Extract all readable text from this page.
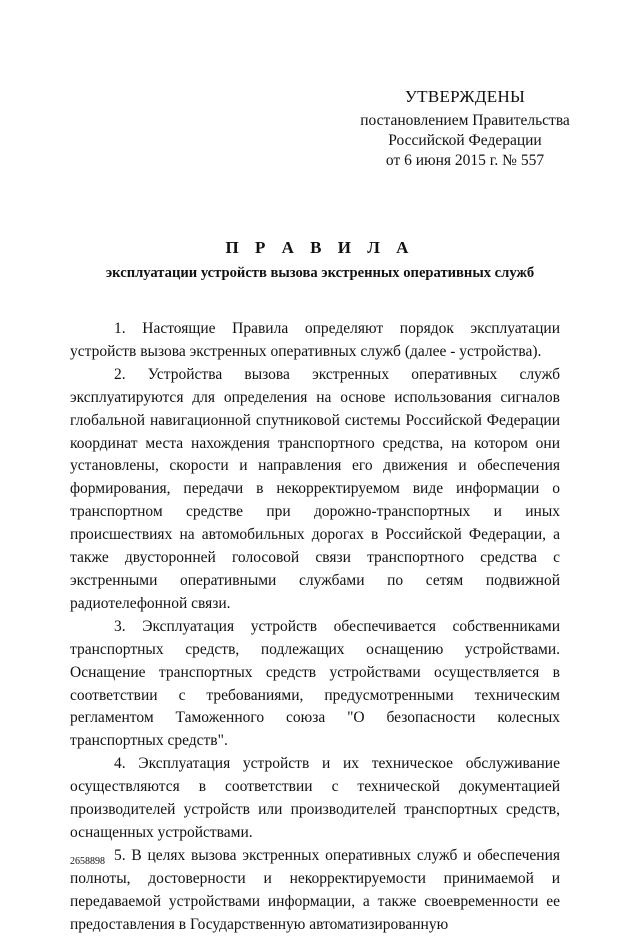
УТВЕРЖДЕНЫ
постановлением Правительства
Российской Федерации
от 6 июня 2015 г. № 557
П Р А В И Л А
эксплуатации устройств вызова экстренных оперативных служб

1. Настоящие Правила определяют порядок эксплуатации устройств вызова экстренных оперативных служб (далее - устройства).

2. Устройства вызова экстренных оперативных служб эксплуатируются для определения на основе использования сигналов глобальной навигационной спутниковой системы Российской Федерации координат места нахождения транспортного средства, на котором они установлены, скорости и направления его движения и обеспечения формирования, передачи в некорректируемом виде информации о транспортном средстве при дорожно-транспортных и иных происшествиях на автомобильных дорогах в Российской Федерации, а также двусторонней голосовой связи транспортного средства с экстренными оперативными службами по сетям подвижной радиотелефонной связи.

3. Эксплуатация устройств обеспечивается собственниками транспортных средств, подлежащих оснащению устройствами. Оснащение транспортных средств устройствами осуществляется в соответствии с требованиями, предусмотренными техническим регламентом Таможенного союза "О безопасности колесных транспортных средств".

4. Эксплуатация устройств и их техническое обслуживание осуществляются в соответствии с технической документацией производителей устройств или производителей транспортных средств, оснащенных устройствами.

5. В целях вызова экстренных оперативных служб и обеспечения полноты, достоверности и некорректируемости принимаемой и передаваемой устройствами информации, а также своевременности ее предоставления в Государственную автоматизированную

2658898
